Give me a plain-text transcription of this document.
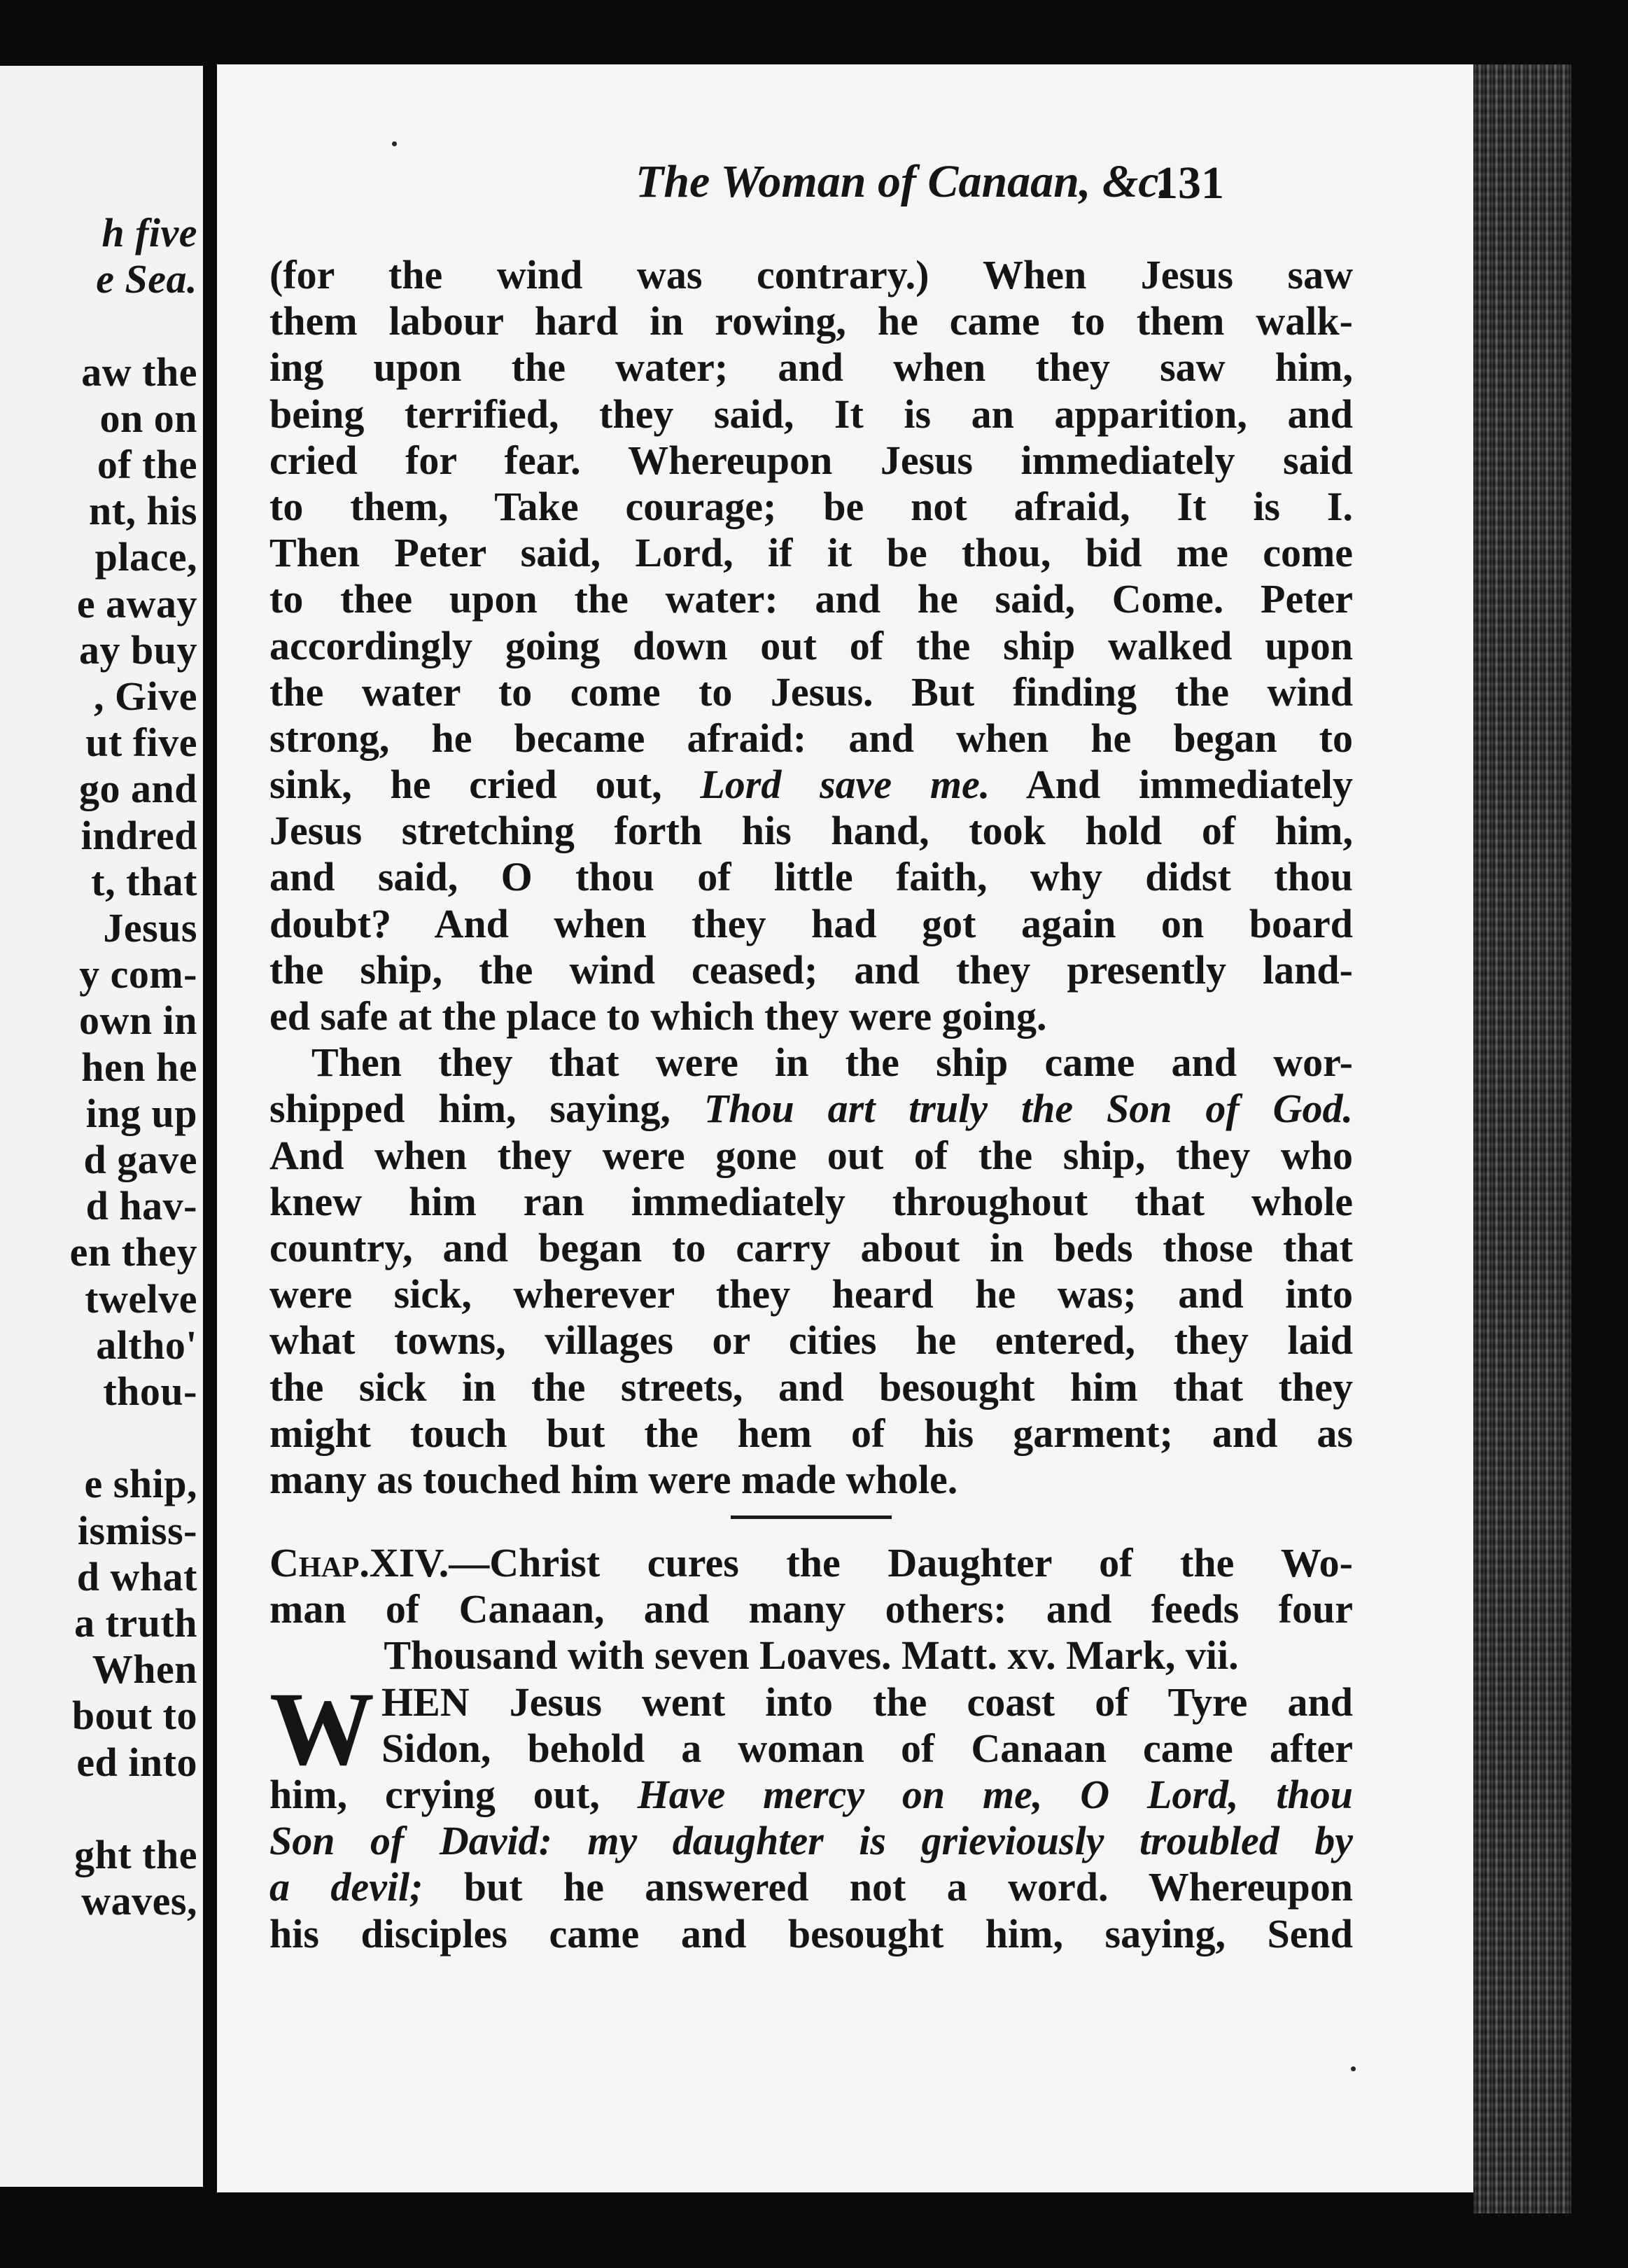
h five
e Sea.
aw the
on on
of the
nt, his
place,
e away
ay buy
, Give
ut five
go and
indred
t, that
Jesus
y com-
own in
hen he
ing up
d gave
d hav-
en they
twelve
altho'
thou-
e ship,
ismiss-
d what
a truth
When
bout to
ed into
ght the
waves,
The Woman of Canaan, &c.
131
(for the wind was contrary.) When Jesus saw
them labour hard in rowing, he came to them walk-
ing upon the water; and when they saw him,
being terrified, they said, It is an apparition, and
cried for fear. Whereupon Jesus immediately said
to them, Take courage; be not afraid, It is I.
Then Peter said, Lord, if it be thou, bid me come
to thee upon the water: and he said, Come. Peter
accordingly going down out of the ship walked upon
the water to come to Jesus. But finding the wind
strong, he became afraid: and when he began to
sink, he cried out, Lord save me. And immediately
Jesus stretching forth his hand, took hold of him,
and said, O thou of little faith, why didst thou
doubt? And when they had got again on board
the ship, the wind ceased; and they presently land-
ed safe at the place to which they were going.
Then they that were in the ship came and wor-
shipped him, saying, Thou art truly the Son of God.
And when they were gone out of the ship, they who
knew him ran immediately throughout that whole
country, and began to carry about in beds those that
were sick, wherever they heard he was; and into
what towns, villages or cities he entered, they laid
the sick in the streets, and besought him that they
might touch but the hem of his garment; and as
many as touched him were made whole.
Chap.XIV.—Christ cures the Daughter of the Wo-
man of Canaan, and many others: and feeds four
Thousand with seven Loaves. Matt. xv. Mark, vii.
W HEN Jesus went into the coast of Tyre and
Sidon, behold a woman of Canaan came after
him, crying out, Have mercy on me, O Lord, thou
Son of David: my daughter is grieviously troubled by
a devil; but he answered not a word. Whereupon
his disciples came and besought him, saying, Send
